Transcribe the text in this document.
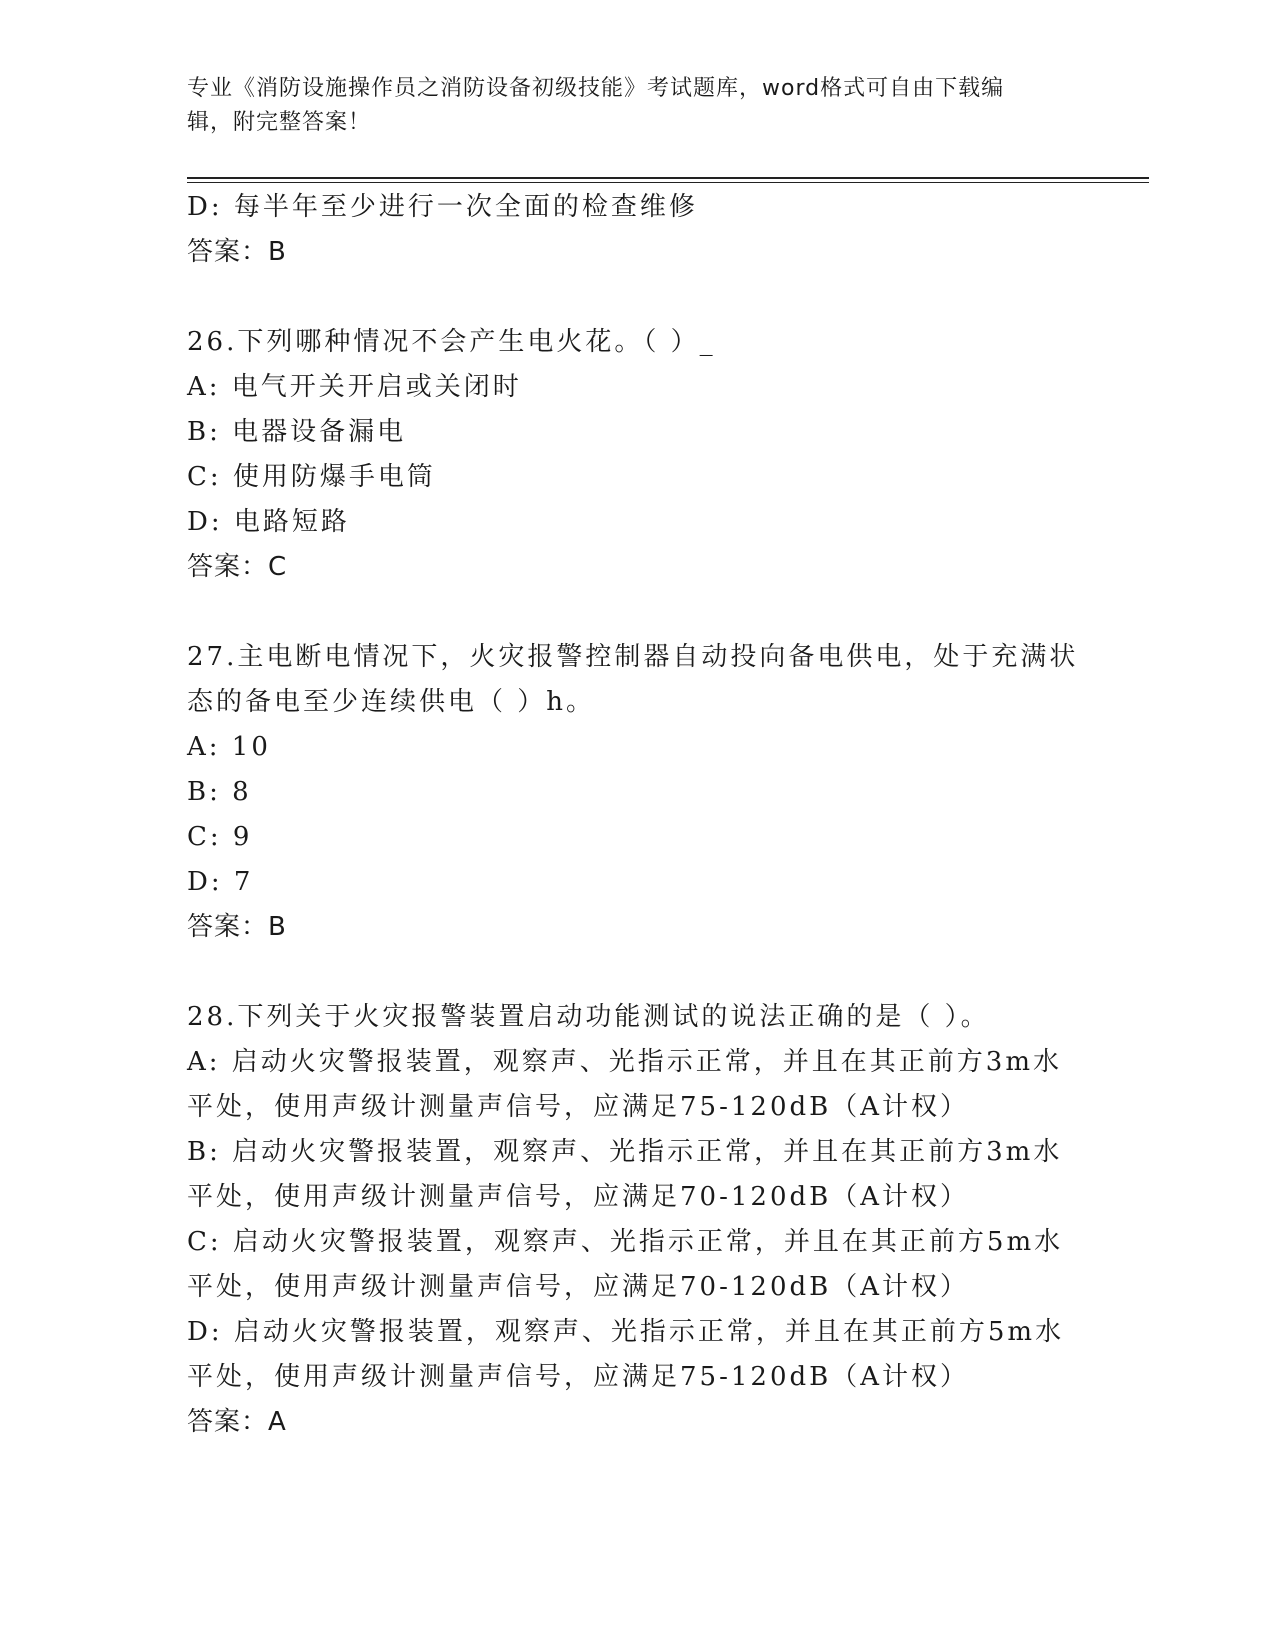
专业《消防设施操作员之消防设备初级技能》考试题库，word格式可自由下载编
辑，附完整答案！
D: 每半年至少进行一次全面的检查维修
答案：B
26.下列哪种情况不会产生电火花。（ ）_
A: 电气开关开启或关闭时
B: 电器设备漏电
C: 使用防爆手电筒
D: 电路短路
答案：C
27.主电断电情况下，火灾报警控制器自动投向备电供电，处于充满状
态的备电至少连续供电（ ）h。
A: 10
B: 8
C: 9
D: 7
答案：B
28.下列关于火灾报警装置启动功能测试的说法正确的是（ ）。
A: 启动火灾警报装置，观察声、光指示正常，并且在其正前方3m水
平处，使用声级计测量声信号，应满足75-120dB（A计权）
B: 启动火灾警报装置，观察声、光指示正常，并且在其正前方3m水
平处，使用声级计测量声信号，应满足70-120dB（A计权）
C: 启动火灾警报装置，观察声、光指示正常，并且在其正前方5m水
平处，使用声级计测量声信号，应满足70-120dB（A计权）
D: 启动火灾警报装置，观察声、光指示正常，并且在其正前方5m水
平处，使用声级计测量声信号，应满足75-120dB（A计权）
答案：A
